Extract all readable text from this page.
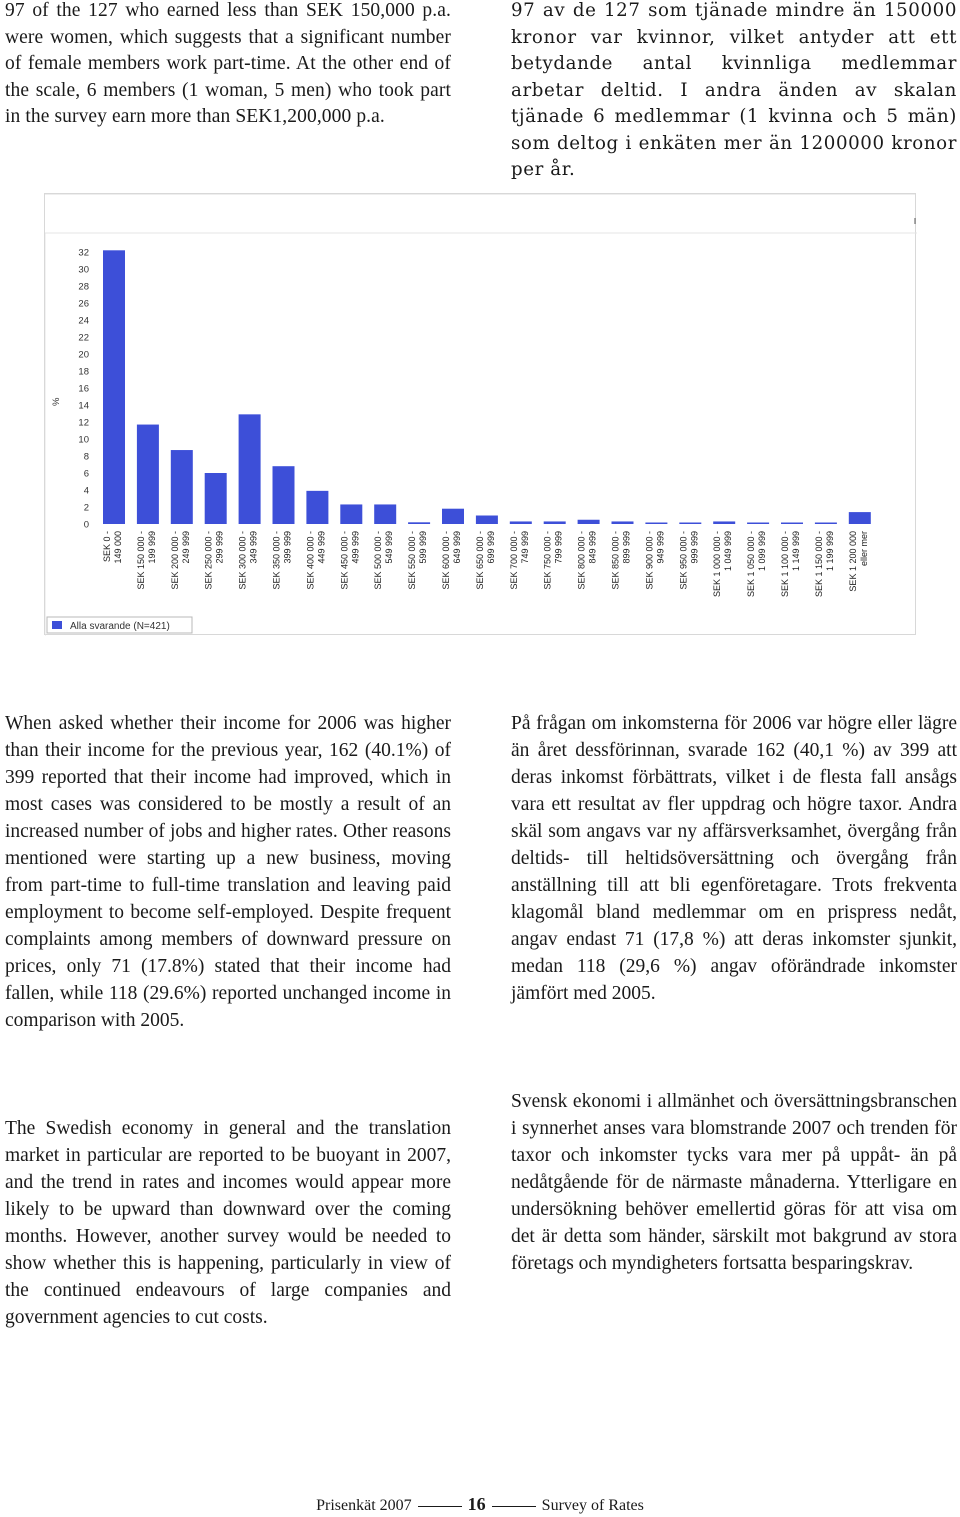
97 of the 127 who earned less than SEK 150,000 p.a. were women, which suggests that a significant number of female members work part-time. At the other end of the scale, 6 members (1 woman, 5 men) who took part in the survey earn more than SEK1,200,000 p.a.

97 av de 127 som tjänade mindre än 150000 kronor var kvinnor, vilket antyder att ett betydande antal kvinnliga medlemmar arbetar deltid. I andra änden av skalan tjänade 6 medlemmar (1 kvinna och 5 män) som deltog i enkäten mer än 1200000 kronor per år.

%
0
2
4
6
8
10
12
14
16
18
20
22
24
26
28
30
32
SEK 0 - 149 000 SEK 150 000 - 199 999 SEK 200 000 - 249 999 SEK 250 000 - 299 999 SEK 300 000 - 349 999 SEK 350 000 - 399 999 SEK 400 000 - 449 999 SEK 450 000 - 499 999 SEK 500 000 - 549 999 SEK 550 000 - 599 999 SEK 600 000 - 649 999 SEK 650 000 - 699 999 SEK 700 000 - 749 999 SEK 750 000 - 799 999 SEK 800 000 - 849 999 SEK 850 000 - 899 999 SEK 900 000 - 949 999 SEK 950 000 - 999 999 SEK 1 000 000 - 1 049 999 SEK 1 050 000 - 1 099 999 SEK 1 100 000 - 1 149 999 SEK 1 150 000 - 1 199 999 SEK 1 200 000 eller mer
Alla svarande (N=421)

When asked whether their income for 2006 was higher than their income for the previous year, 162 (40.1%) of 399 reported that their income had improved, which in most cases was considered to be mostly a result of an increased number of jobs and higher rates. Other reasons mentioned were starting up a new business, moving from part-time to full-time translation and leaving paid employment to become self-employed. Despite frequent complaints among members of downward pressure on prices, only 71 (17.8%) stated that their income had fallen, while 118 (29.6%) reported unchanged income in comparison with 2005.

The Swedish economy in general and the translation market in particular are reported to be buoyant in 2007, and the trend in rates and incomes would appear more likely to be upward than downward over the coming months. However, another survey would be needed to show whether this is happening, particularly in view of the continued endeavours of large companies and government agencies to cut costs.

På frågan om inkomsterna för 2006 var högre eller lägre än året dessförinnan, svarade 162 (40,1 %) av 399 att deras inkomst förbättrats, vilket i de flesta fall ansågs vara ett resultat av fler uppdrag och högre taxor. Andra skäl som angavs var ny affärsverksamhet, övergång från deltids- till heltidsöversättning och övergång från anställning till att bli egenföretagare. Trots frekventa klagomål bland medlemmar om en prispress nedåt, angav endast 71 (17,8 %) att deras inkomster sjunkit, medan 118 (29,6 %) angav oförändrade inkomster jämfört med 2005.

Svensk ekonomi i allmänhet och översättningsbranschen i synnerhet anses vara blomstrande 2007 och trenden för taxor och inkomster tycks vara mer på uppåt- än på nedåtgående för de närmaste månaderna. Ytterligare en undersökning behöver emellertid göras för att visa om det är detta som händer, särskilt mot bakgrund av stora företags och myndigheters fortsatta besparingskrav.

Prisenkät 2007	16	Survey of Rates
